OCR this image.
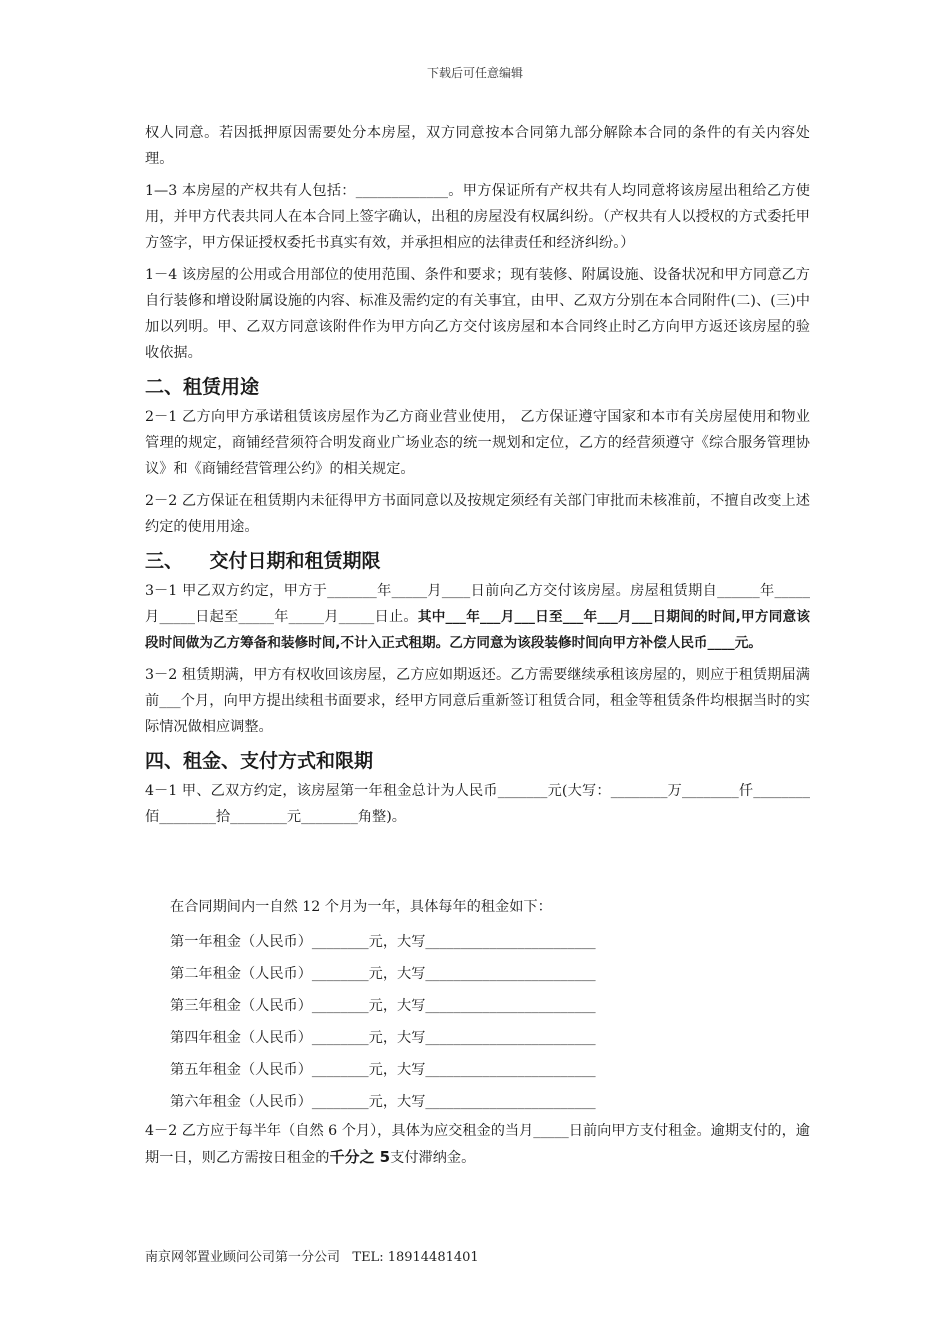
下载后可任意编辑

权人同意。若因抵押原因需要处分本房屋，双方同意按本合同第九部分解除本合同的条件的有关内容处理。

1—3 本房屋的产权共有人包括：_____________。甲方保证所有产权共有人均同意将该房屋出租给乙方使用，并甲方代表共同人在本合同上签字确认，出租的房屋没有权属纠纷。（产权共有人以授权的方式委托甲方签字，甲方保证授权委托书真实有效，并承担相应的法律责任和经济纠纷。）

1－4 该房屋的公用或合用部位的使用范围、条件和要求；现有装修、附属设施、设备状况和甲方同意乙方自行装修和增设附属设施的内容、标准及需约定的有关事宜，由甲、乙双方分别在本合同附件(二)、(三)中加以列明。甲、乙双方同意该附件作为甲方向乙方交付该房屋和本合同终止时乙方向甲方返还该房屋的验收依据。

二、租赁用途

2－1 乙方向甲方承诺租赁该房屋作为乙方商业营业使用， 乙方保证遵守国家和本市有关房屋使用和物业管理的规定，商铺经营须符合明发商业广场业态的统一规划和定位，乙方的经营须遵守《综合服务管理协议》和《商铺经营管理公约》的相关规定。

2－2 乙方保证在租赁期内未征得甲方书面同意以及按规定须经有关部门审批而未核准前，不擅自改变上述约定的使用用途。

三、    交付日期和租赁期限

3－1 甲乙双方约定，甲方于_______年_____月____日前向乙方交付该房屋。房屋租赁期自______年_____月_____日起至_____年_____月_____日止。其中___年___月___日至___年___月___日期间的时间,甲方同意该段时间做为乙方筹备和装修时间,不计入正式租期。乙方同意为该段装修时间向甲方补偿人民币____元。

3－2 租赁期满，甲方有权收回该房屋，乙方应如期返还。乙方需要继续承租该房屋的，则应于租赁期届满前___个月，向甲方提出续租书面要求，经甲方同意后重新签订租赁合同，租金等租赁条件均根据当时的实际情况做相应调整。

四、租金、支付方式和限期

4－1 甲、乙双方约定，该房屋第一年租金总计为人民币_______元(大写：________万________仟________佰________拾________元________角整)。

在合同期间内一自然 12 个月为一年，具体每年的租金如下：

第一年租金（人民币）________元，大写________________________
第二年租金（人民币）________元，大写________________________
第三年租金（人民币）________元，大写________________________
第四年租金（人民币）________元，大写________________________
第五年租金（人民币）________元，大写________________________
第六年租金（人民币）________元，大写________________________

4－2 乙方应于每半年（自然 6 个月），具体为应交租金的当月_____日前向甲方支付租金。逾期支付的，逾期一日，则乙方需按日租金的千分之 5支付滞纳金。

南京网邻置业顾问公司第一分公司   TEL: 18914481401
